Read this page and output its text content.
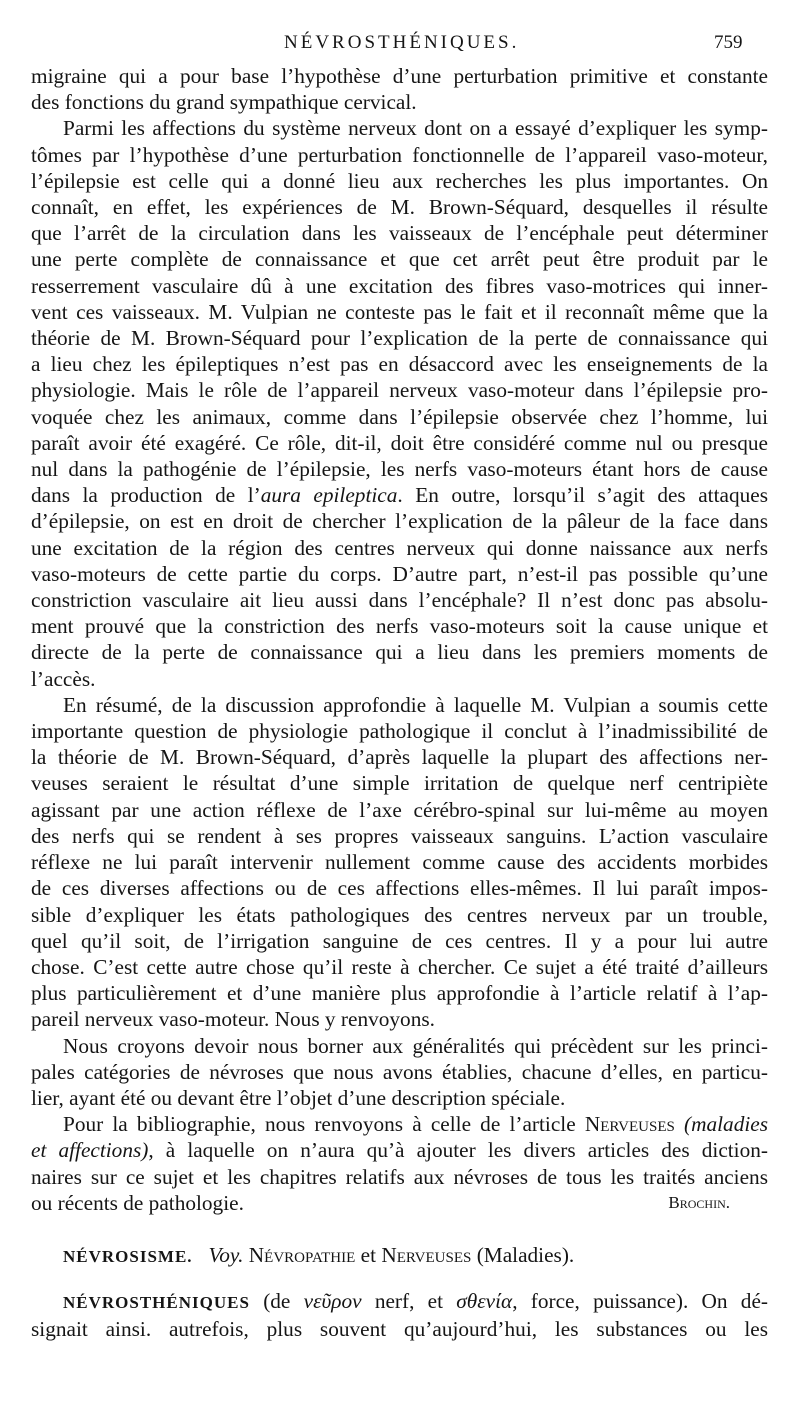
NÉVROSTHÉNIQUES.	759
migraine qui a pour base l’hypothèse d’une perturbation primitive et constante
des fonctions du grand sympathique cervical.
Parmi les affections du système nerveux dont on a essayé d’expliquer les symp-
tômes par l’hypothèse d’une perturbation fonctionnelle de l’appareil vaso-moteur,
l’épilepsie est celle qui a donné lieu aux recherches les plus importantes. On
connaît, en effet, les expériences de M. Brown-Séquard, desquelles il résulte
que l’arrêt de la circulation dans les vaisseaux de l’encéphale peut déterminer
une perte complète de connaissance et que cet arrêt peut être produit par le
resserrement vasculaire dû à une excitation des fibres vaso-motrices qui inner-
vent ces vaisseaux. M. Vulpian ne conteste pas le fait et il reconnaît même que la
théorie de M. Brown-Séquard pour l’explication de la perte de connaissance qui
a lieu chez les épileptiques n’est pas en désaccord avec les enseignements de la
physiologie. Mais le rôle de l’appareil nerveux vaso-moteur dans l’épilepsie pro-
voquée chez les animaux, comme dans l’épilepsie observée chez l’homme, lui
paraît avoir été exagéré. Ce rôle, dit-il, doit être considéré comme nul ou presque
nul dans la pathogénie de l’épilepsie, les nerfs vaso-moteurs étant hors de cause
dans la production de l’aura epileptica. En outre, lorsqu’il s’agit des attaques
d’épilepsie, on est en droit de chercher l’explication de la pâleur de la face dans
une excitation de la région des centres nerveux qui donne naissance aux nerfs
vaso-moteurs de cette partie du corps. D’autre part, n’est-il pas possible qu’une
constriction vasculaire ait lieu aussi dans l’encéphale? Il n’est donc pas absolu-
ment prouvé que la constriction des nerfs vaso-moteurs soit la cause unique et
directe de la perte de connaissance qui a lieu dans les premiers moments de
l’accès.
En résumé, de la discussion approfondie à laquelle M. Vulpian a soumis cette
importante question de physiologie pathologique il conclut à l’inadmissibilité de
la théorie de M. Brown-Séquard, d’après laquelle la plupart des affections ner-
veuses seraient le résultat d’une simple irritation de quelque nerf centripiète
agissant par une action réflexe de l’axe cérébro-spinal sur lui-même au moyen
des nerfs qui se rendent à ses propres vaisseaux sanguins. L’action vasculaire
réflexe ne lui paraît intervenir nullement comme cause des accidents morbides
de ces diverses affections ou de ces affections elles-mêmes. Il lui paraît impos-
sible d’expliquer les états pathologiques des centres nerveux par un trouble,
quel qu’il soit, de l’irrigation sanguine de ces centres. Il y a pour lui autre
chose. C’est cette autre chose qu’il reste à chercher. Ce sujet a été traité d’ailleurs
plus particulièrement et d’une manière plus approfondie à l’article relatif à l’ap-
pareil nerveux vaso-moteur. Nous y renvoyons.
Nous croyons devoir nous borner aux généralités qui précèdent sur les princi-
pales catégories de névroses que nous avons établies, chacune d’elles, en particu-
lier, ayant été ou devant être l’objet d’une description spéciale.
Pour la bibliographie, nous renvoyons à celle de l’article Nerveuses (maladies
et affections), à laquelle on n’aura qu’à ajouter les divers articles des diction-
naires sur ce sujet et les chapitres relatifs aux névroses de tous les traités anciens
ou récents de pathologie.	Brochin.
NÉVROSISME. Voy. Névropathie et Nerveuses (Maladies).
NÉVROSTHÉNIQUES (de νεῦρον nerf, et σθενία, force, puissance). On dé-
signait ainsi. autrefois, plus souvent qu’aujourd’hui, les substances ou les
